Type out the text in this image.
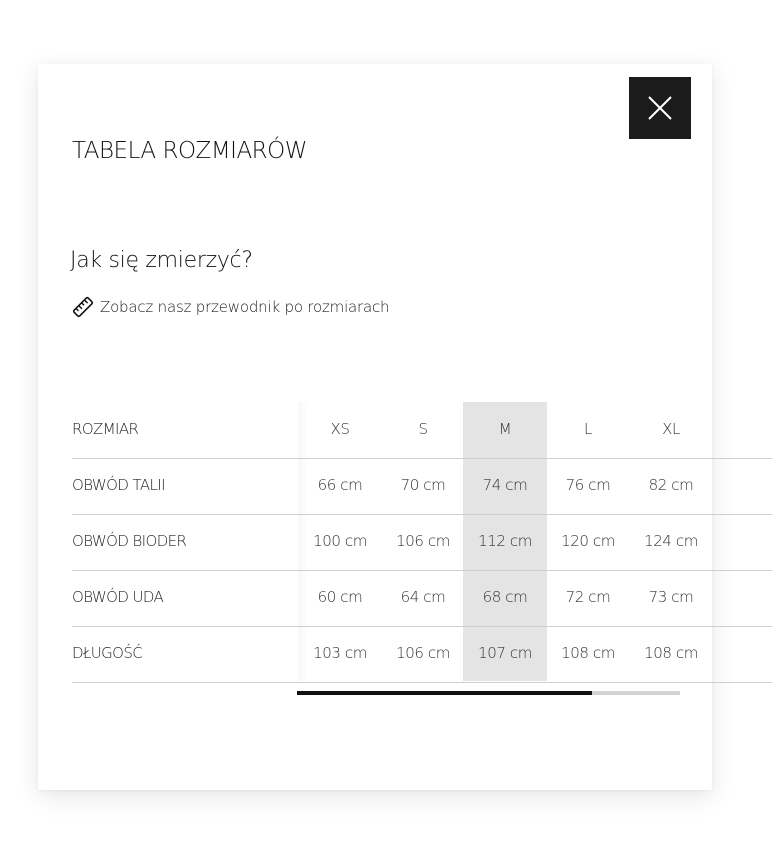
TABELA ROZMIARÓW
Jak się zmierzyć?
Zobacz nasz przewodnik po rozmiarach
ROZMIAR	XS	S	M	L	XL
OBWÓD TALII	66 cm	70 cm	74 cm	76 cm	82 cm
OBWÓD BIODER	100 cm	106 cm	112 cm	120 cm	124 cm
OBWÓD UDA	60 cm	64 cm	68 cm	72 cm	73 cm
DŁUGOŚĆ	103 cm	106 cm	107 cm	108 cm	108 cm
